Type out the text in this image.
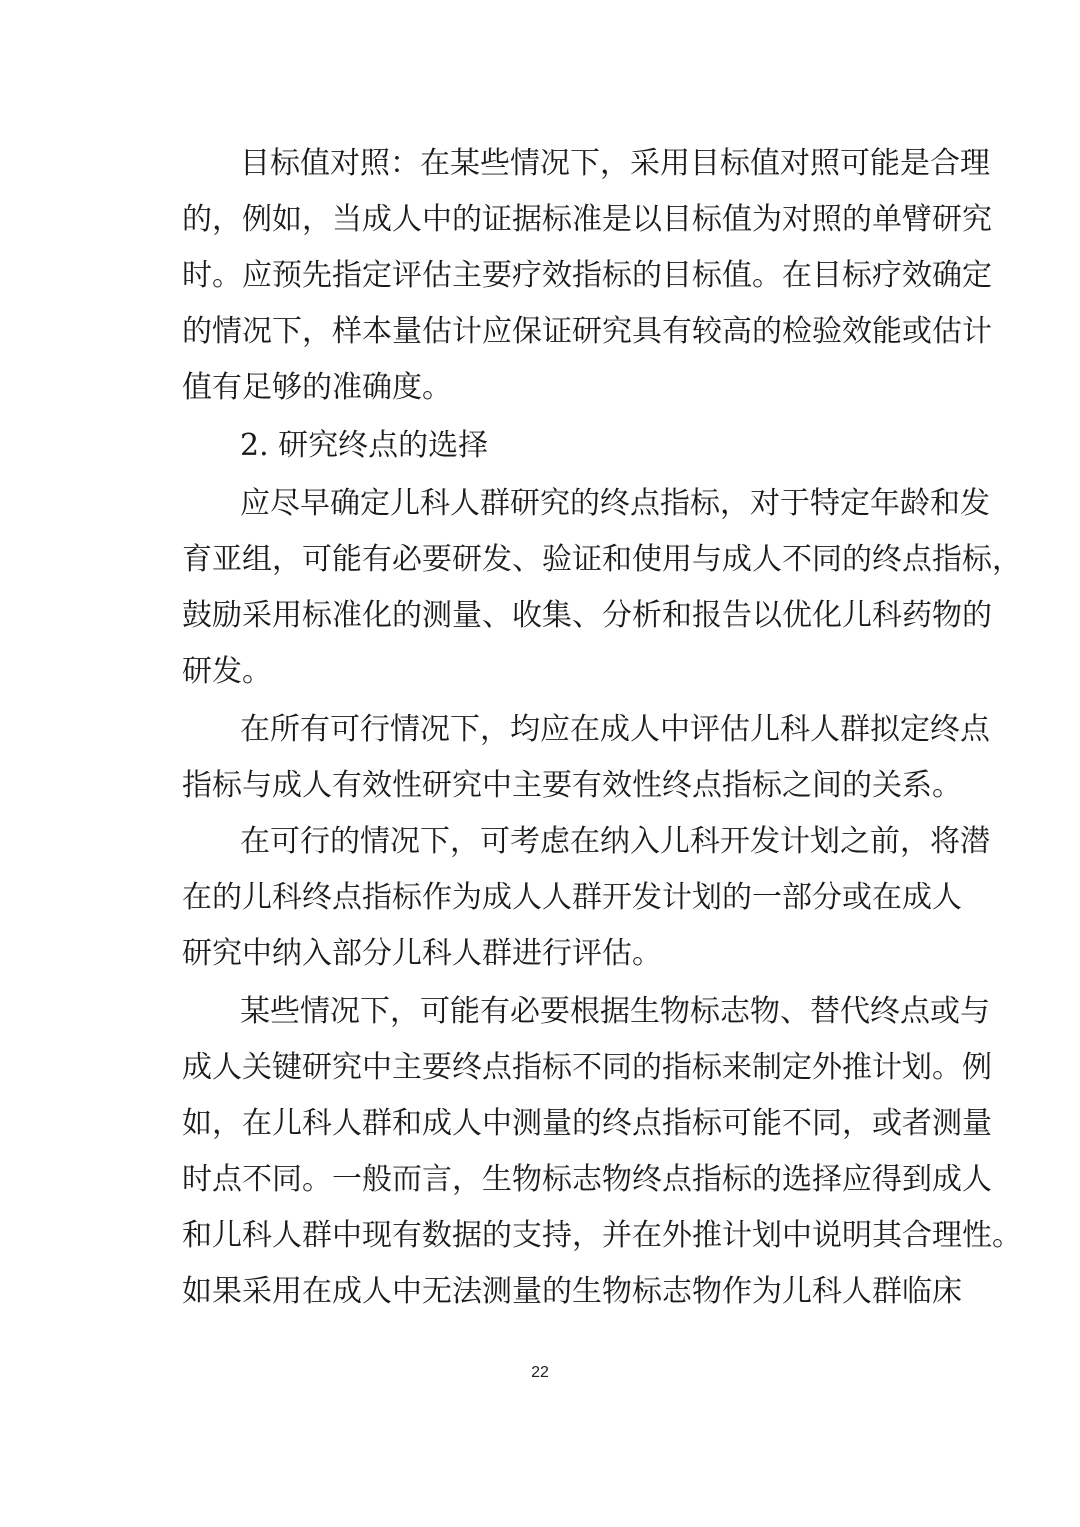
目标值对照：在某些情况下，采用目标值对照可能是合理
的，例如，当成人中的证据标准是以目标值为对照的单臂研究
时。应预先指定评估主要疗效指标的目标值。在目标疗效确定
的情况下，样本量估计应保证研究具有较高的检验效能或估计
值有足够的准确度。
2. 研究终点的选择
应尽早确定儿科人群研究的终点指标，对于特定年龄和发
育亚组，可能有必要研发、验证和使用与成人不同的终点指标，
鼓励采用标准化的测量、收集、分析和报告以优化儿科药物的
研发。
在所有可行情况下，均应在成人中评估儿科人群拟定终点
指标与成人有效性研究中主要有效性终点指标之间的关系。
在可行的情况下，可考虑在纳入儿科开发计划之前，将潜
在的儿科终点指标作为成人人群开发计划的一部分或在成人
研究中纳入部分儿科人群进行评估。
某些情况下，可能有必要根据生物标志物、替代终点或与
成人关键研究中主要终点指标不同的指标来制定外推计划。例
如，在儿科人群和成人中测量的终点指标可能不同，或者测量
时点不同。一般而言，生物标志物终点指标的选择应得到成人
和儿科人群中现有数据的支持，并在外推计划中说明其合理性。
如果采用在成人中无法测量的生物标志物作为儿科人群临床
22
